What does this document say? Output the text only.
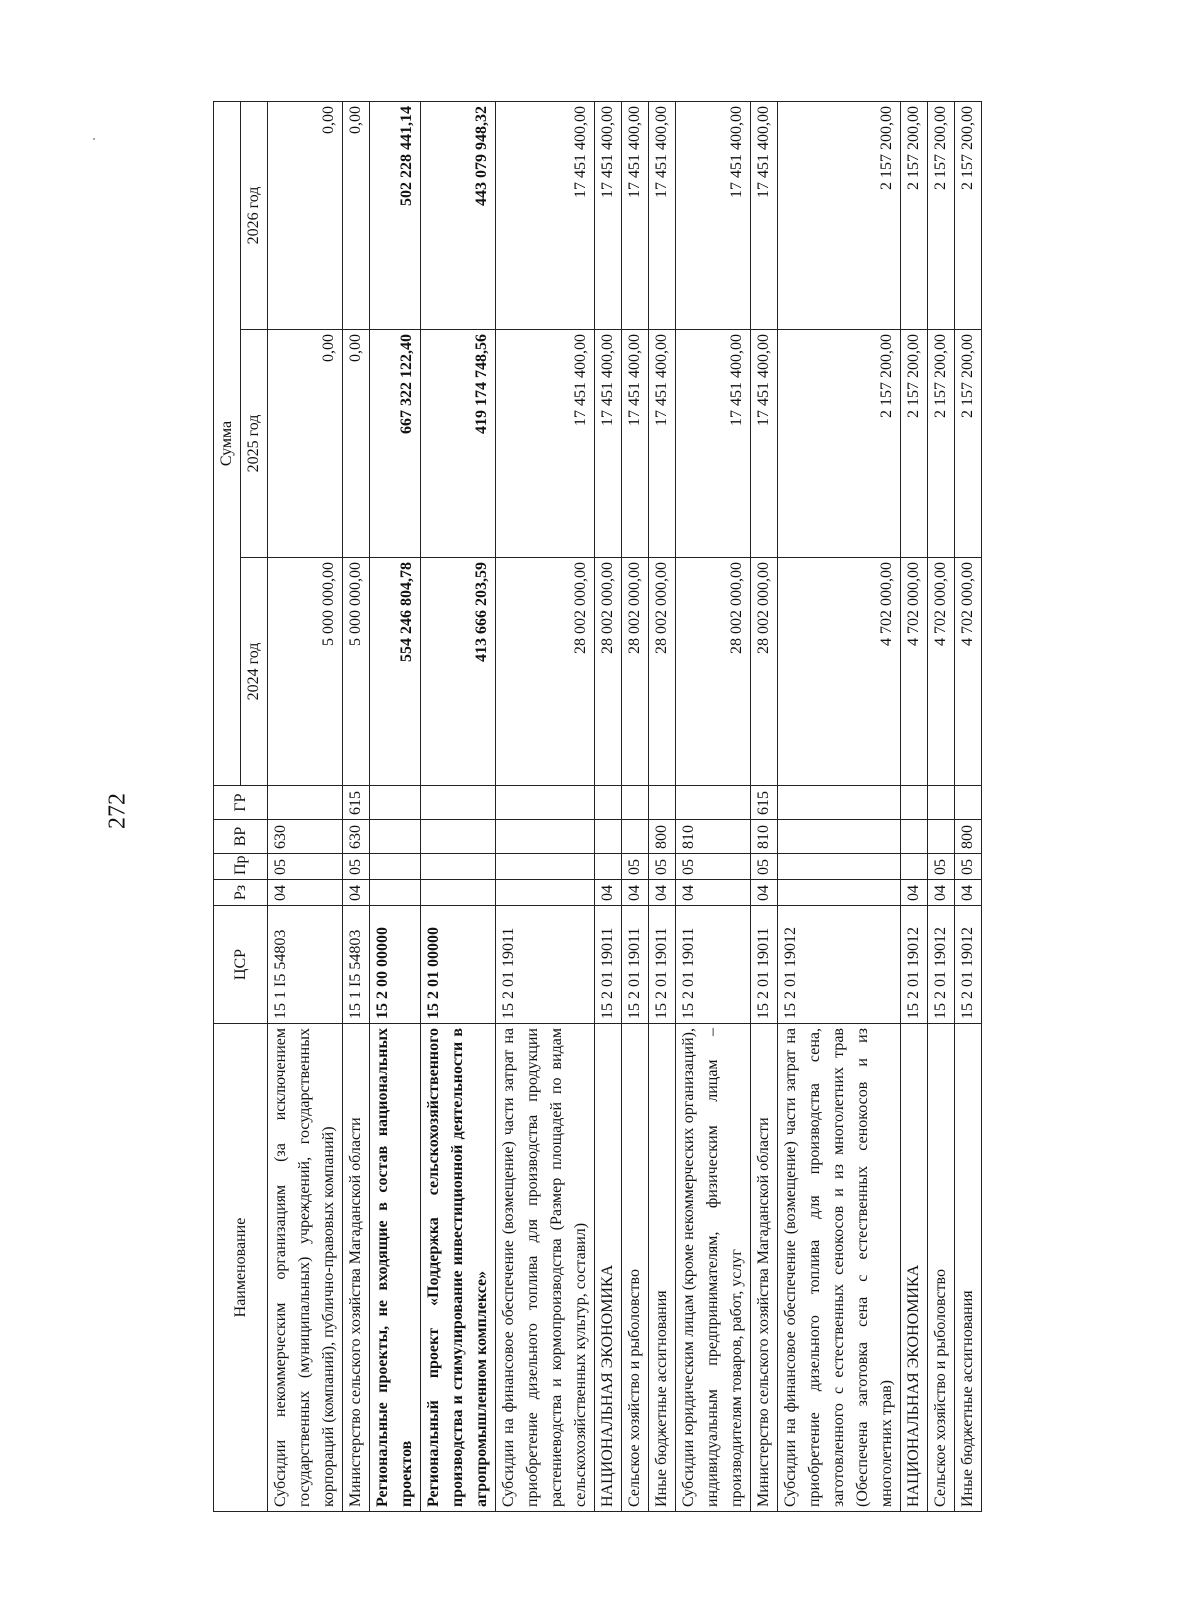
272
Наименование	ЦСР	Рз	Пр	ВР	ГР	Сумма		
						2024 год	2025 год	2026 год
Субсидии некоммерческим организациям (за исключением государственных (муниципальных) учреждений, государственных корпораций (компаний), публично-правовых компаний)	15 1 I5 54803	04	05	630		5 000 000,00	0,00	0,00
Министерство сельского хозяйства Магаданской области	15 1 I5 54803	04	05	630	615	5 000 000,00	0,00	0,00
Региональные проекты, не входящие в состав национальных проектов	15 2 00 00000					554 246 804,78	667 322 122,40	502 228 441,14
Региональный проект «Поддержка сельскохозяйственного производства и стимулирование инвестиционной деятельности в агропромышленном комплексе»	15 2 01 00000					413 666 203,59	419 174 748,56	443 079 948,32
Субсидии на финансовое обеспечение (возмещение) части затрат на приобретение дизельного топлива для производства продукции растениеводства и кормопроизводства (Размер площадей по видам сельскохозяйственных культур, составил)	15 2 01 19011					28 002 000,00	17 451 400,00	17 451 400,00
НАЦИОНАЛЬНАЯ ЭКОНОМИКА	15 2 01 19011	04				28 002 000,00	17 451 400,00	17 451 400,00
Сельское хозяйство и рыболовство	15 2 01 19011	04	05			28 002 000,00	17 451 400,00	17 451 400,00
Иные бюджетные ассигнования	15 2 01 19011	04	05	800		28 002 000,00	17 451 400,00	17 451 400,00
Субсидии юридическим лицам (кроме некоммерческих организаций), индивидуальным предпринимателям, физическим лицам – производителям товаров, работ, услуг	15 2 01 19011	04	05	810		28 002 000,00	17 451 400,00	17 451 400,00
Министерство сельского хозяйства Магаданской области	15 2 01 19011	04	05	810	615	28 002 000,00	17 451 400,00	17 451 400,00
Субсидии на финансовое обеспечение (возмещение) части затрат на приобретение дизельного топлива для производства сена, заготовленного с естественных сенокосов и из многолетних трав (Обеспечена заготовка сена с естественных сенокосов и из многолетних трав)	15 2 01 19012					4 702 000,00	2 157 200,00	2 157 200,00
НАЦИОНАЛЬНАЯ ЭКОНОМИКА	15 2 01 19012	04				4 702 000,00	2 157 200,00	2 157 200,00
Сельское хозяйство и рыболовство	15 2 01 19012	04	05			4 702 000,00	2 157 200,00	2 157 200,00
Иные бюджетные ассигнования	15 2 01 19012	04	05	800		4 702 000,00	2 157 200,00	2 157 200,00
